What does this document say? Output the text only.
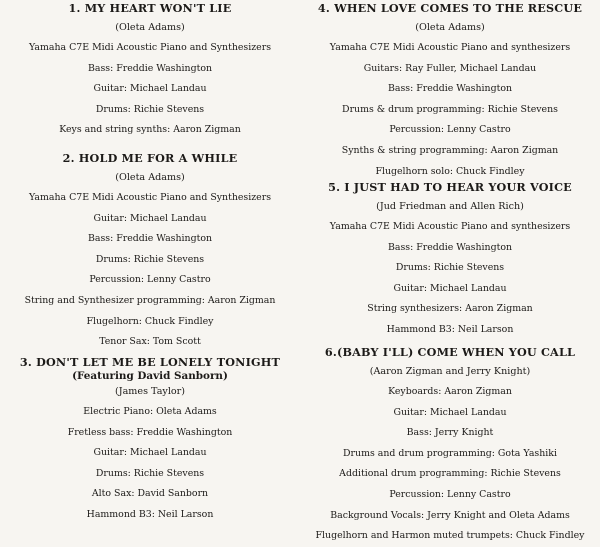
1. MY HEART WON'T LIE
(Oleta Adams)
Yamaha C7E Midi Acoustic Piano and Synthesizers
Bass: Freddie Washington
Guitar: Michael Landau
Drums: Richie Stevens
Keys and string synths: Aaron Zigman
2. HOLD ME FOR A WHILE
(Oleta Adams)
Yamaha C7E Midi Acoustic Piano and Synthesizers
Guitar: Michael Landau
Bass: Freddie Washington
Drums: Richie Stevens
Percussion: Lenny Castro
String and Synthesizer programming: Aaron Zigman
Flugelhorn: Chuck Findley
Tenor Sax: Tom Scott
3. DON'T LET ME BE LONELY TONIGHT
(Featuring David Sanborn)
(James Taylor)
Electric Piano: Oleta Adams
Fretless bass: Freddie Washington
Guitar: Michael Landau
Drums: Richie Stevens
Alto Sax: David Sanborn
Hammond B3: Neil Larson
4. WHEN LOVE COMES TO THE RESCUE
(Oleta Adams)
Yamaha C7E Midi Acoustic Piano and synthesizers
Guitars: Ray Fuller, Michael Landau
Bass: Freddie Washington
Drums & drum programming: Richie Stevens
Percussion: Lenny Castro
Synths & string programming: Aaron Zigman
Flugelhorn solo: Chuck Findley
5. I JUST HAD TO HEAR YOUR VOICE
(Jud Friedman and Allen Rich)
Yamaha C7E Midi Acoustic Piano and synthesizers
Bass: Freddie Washington
Drums: Richie Stevens
Guitar: Michael Landau
String synthesizers: Aaron Zigman
Hammond B3: Neil Larson
6.(BABY I'LL) COME WHEN YOU CALL
(Aaron Zigman and Jerry Knight)
Keyboards: Aaron Zigman
Guitar: Michael Landau
Bass: Jerry Knight
Drums and drum programming: Gota Yashiki
Additional drum programming: Richie Stevens
Percussion: Lenny Castro
Background Vocals: Jerry Knight and Oleta Adams
Flugelhorn and Harmon muted trumpets: Chuck Findley
